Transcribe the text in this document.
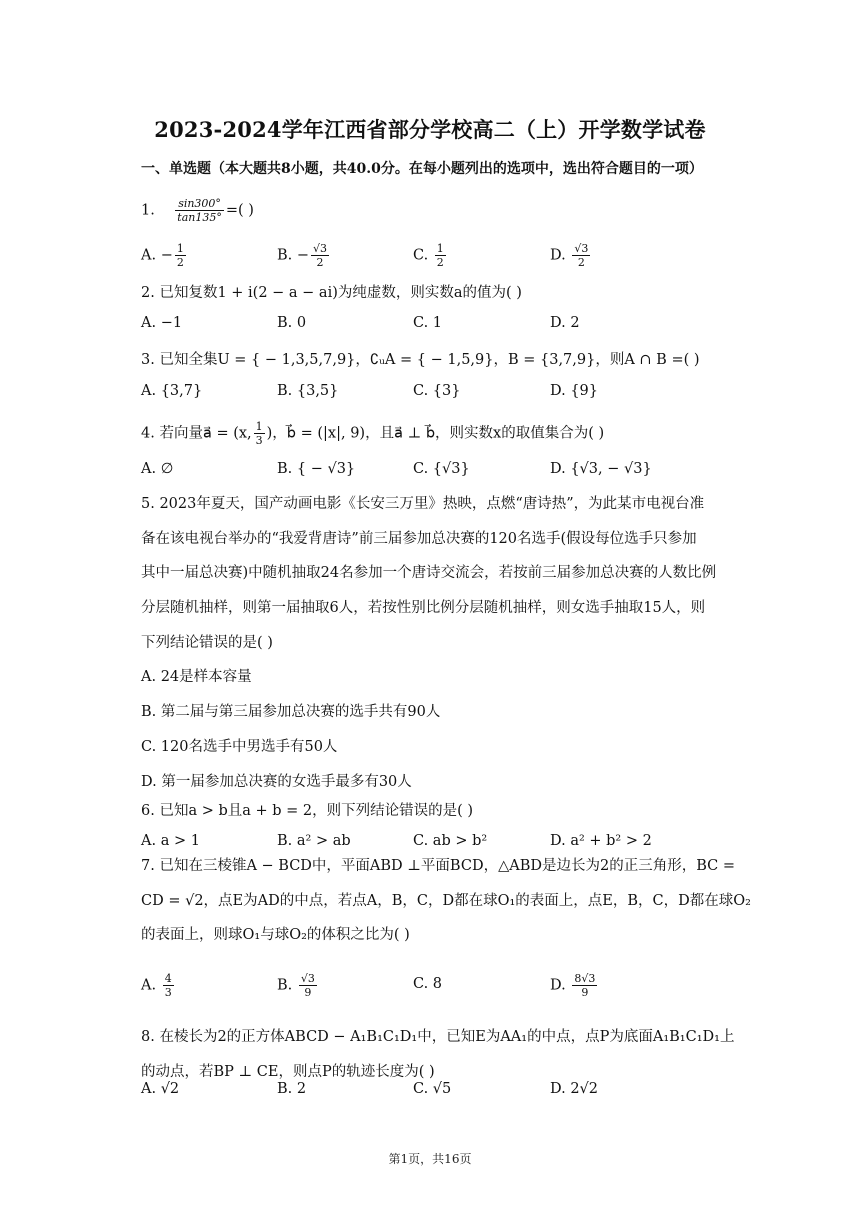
2023-2024学年江西省部分学校高二（上）开学数学试卷
一、单选题（本大题共8小题，共40.0分。在每小题列出的选项中，选出符合题目的一项）
1. $\frac{\sin 300^\circ}{\tan 135^\circ}$ =( )
A. − $\frac{1}{2}$	B. − $\frac{√3}{2}$	C. $\frac{1}{2}$	D. $\frac{√3}{2}$
2. 已知复数1 + i(2 − a − ai)为纯虚数，则实数a的值为( )
A. −1	B. 0	C. 1	D. 2
3. 已知全集U = { − 1,3,5,7,9}，∁ᵤA = { − 1,5,9}，B = {3,7,9}，则A ∩ B =( )
A. {3,7}	B. {3,5}	C. {3}	D. {9}
4. 若向量a⃗ = (x, $\frac{1}{3}$ )，b⃗ = (|x|, 9)，且a⃗ ⊥ b⃗，则实数x的取值集合为( )
A. ∅	B. { − √3}	C. {√3}	D. {√3, − √3}
5. 2023年夏天，国产动画电影《长安三万里》热映，点燃“唐诗热”，为此某市电视台准
备在该电视台举办的“我爱背唐诗”前三届参加总决赛的120名选手(假设每位选手只参加
其中一届总决赛)中随机抽取24名参加一个唐诗交流会，若按前三届参加总决赛的人数比例
分层随机抽样，则第一届抽取6人，若按性别比例分层随机抽样，则女选手抽取15人，则
下列结论错误的是( )
A. 24是样本容量
B. 第二届与第三届参加总决赛的选手共有90人
C. 120名选手中男选手有50人
D. 第一届参加总决赛的女选手最多有30人
6. 已知a > b且a + b = 2，则下列结论错误的是( )
A. a > 1	B. a² > ab	C. ab > b²	D. a² + b² > 2
7. 已知在三棱锥A − BCD中，平面ABD ⊥平面BCD，△ABD是边长为2的正三角形，BC =
CD = √2，点E为AD的中点，若点A，B，C，D都在球O₁的表面上，点E，B，C，D都在球O₂
的表面上，则球O₁与球O₂的体积之比为( )
A. $\frac{4}{3}$	B. $\frac{√3}{9}$	C. 8	D. $\frac{8√3}{9}$
8. 在棱长为2的正方体ABCD − A₁B₁C₁D₁中，已知E为AA₁的中点，点P为底面A₁B₁C₁D₁上
的动点，若BP ⊥ CE，则点P的轨迹长度为( )
A. √2	B. 2	C. √5	D. 2√2
第1页，共16页
